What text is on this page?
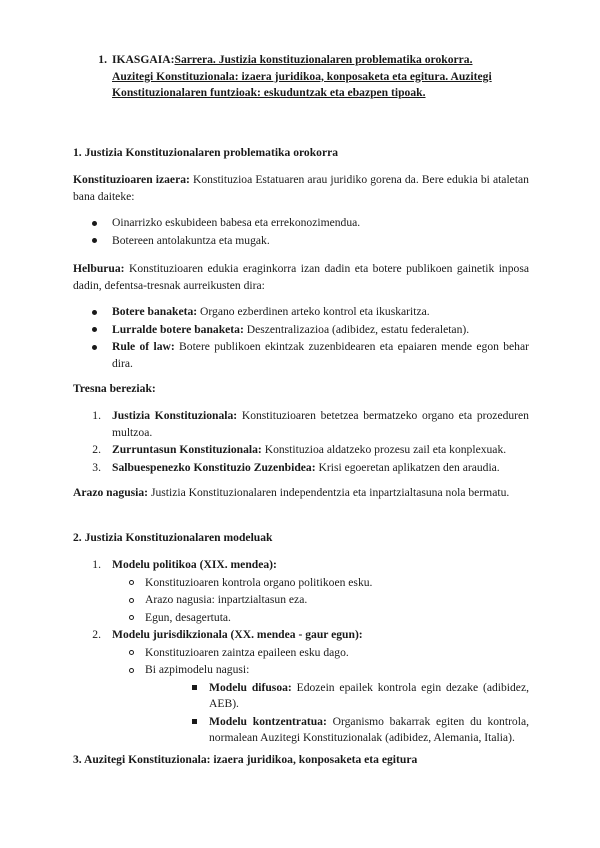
1. IKASGAIA:Sarrera. Justizia konstituzionalaren problematika orokorra.
Auzitegi Konstituzionala: izaera juridikoa, konposaketa eta egitura. Auzitegi
Konstituzionalaren funtzioak: eskuduntzak eta ebazpen tipoak.
1. Justizia Konstituzionalaren problematika orokorra
Konstituzioaren izaera: Konstituzioa Estatuaren arau juridiko gorena da. Bere edukia bi ataletan bana daiteke:
Oinarrizko eskubideen babesa eta errekonozimendua.
Botereen antolakuntza eta mugak.
Helburua: Konstituzioaren edukia eraginkorra izan dadin eta botere publikoen gainetik inposa dadin, defentsa-tresnak aurreikusten dira:
Botere banaketa: Organo ezberdinen arteko kontrol eta ikuskaritza.
Lurralde botere banaketa: Deszentralizazioa (adibidez, estatu federaletan).
Rule of law: Botere publikoen ekintzak zuzenbidearen eta epaiaren mende egon behar dira.
Tresna bereziak:
1. Justizia Konstituzionala: Konstituzioaren betetzea bermatzeko organo eta prozeduren multzoa.
2. Zurruntasun Konstituzionala: Konstituzioa aldatzeko prozesu zail eta konplexuak.
3. Salbuespenezko Konstituzio Zuzenbidea: Krisi egoeretan aplikatzen den araudia.
Arazo nagusia: Justizia Konstituzionalaren independentzia eta inpartzialtasuna nola bermatu.
2. Justizia Konstituzionalaren modeluak
1. Modelu politikoa (XIX. mendea):
Konstituzioaren kontrola organo politikoen esku.
Arazo nagusia: inpartzialtasun eza.
Egun, desagertuta.
2. Modelu jurisdikzionala (XX. mendea - gaur egun):
Konstituzioaren zaintza epaileen esku dago.
Bi azpimodelu nagusi:
Modelu difusoa: Edozein epailek kontrola egin dezake (adibidez, AEB).
Modelu kontzentratua: Organismo bakarrak egiten du kontrola, normalean Auzitegi Konstituzionalak (adibidez, Alemania, Italia).
3. Auzitegi Konstituzionala: izaera juridikoa, konposaketa eta egitura
